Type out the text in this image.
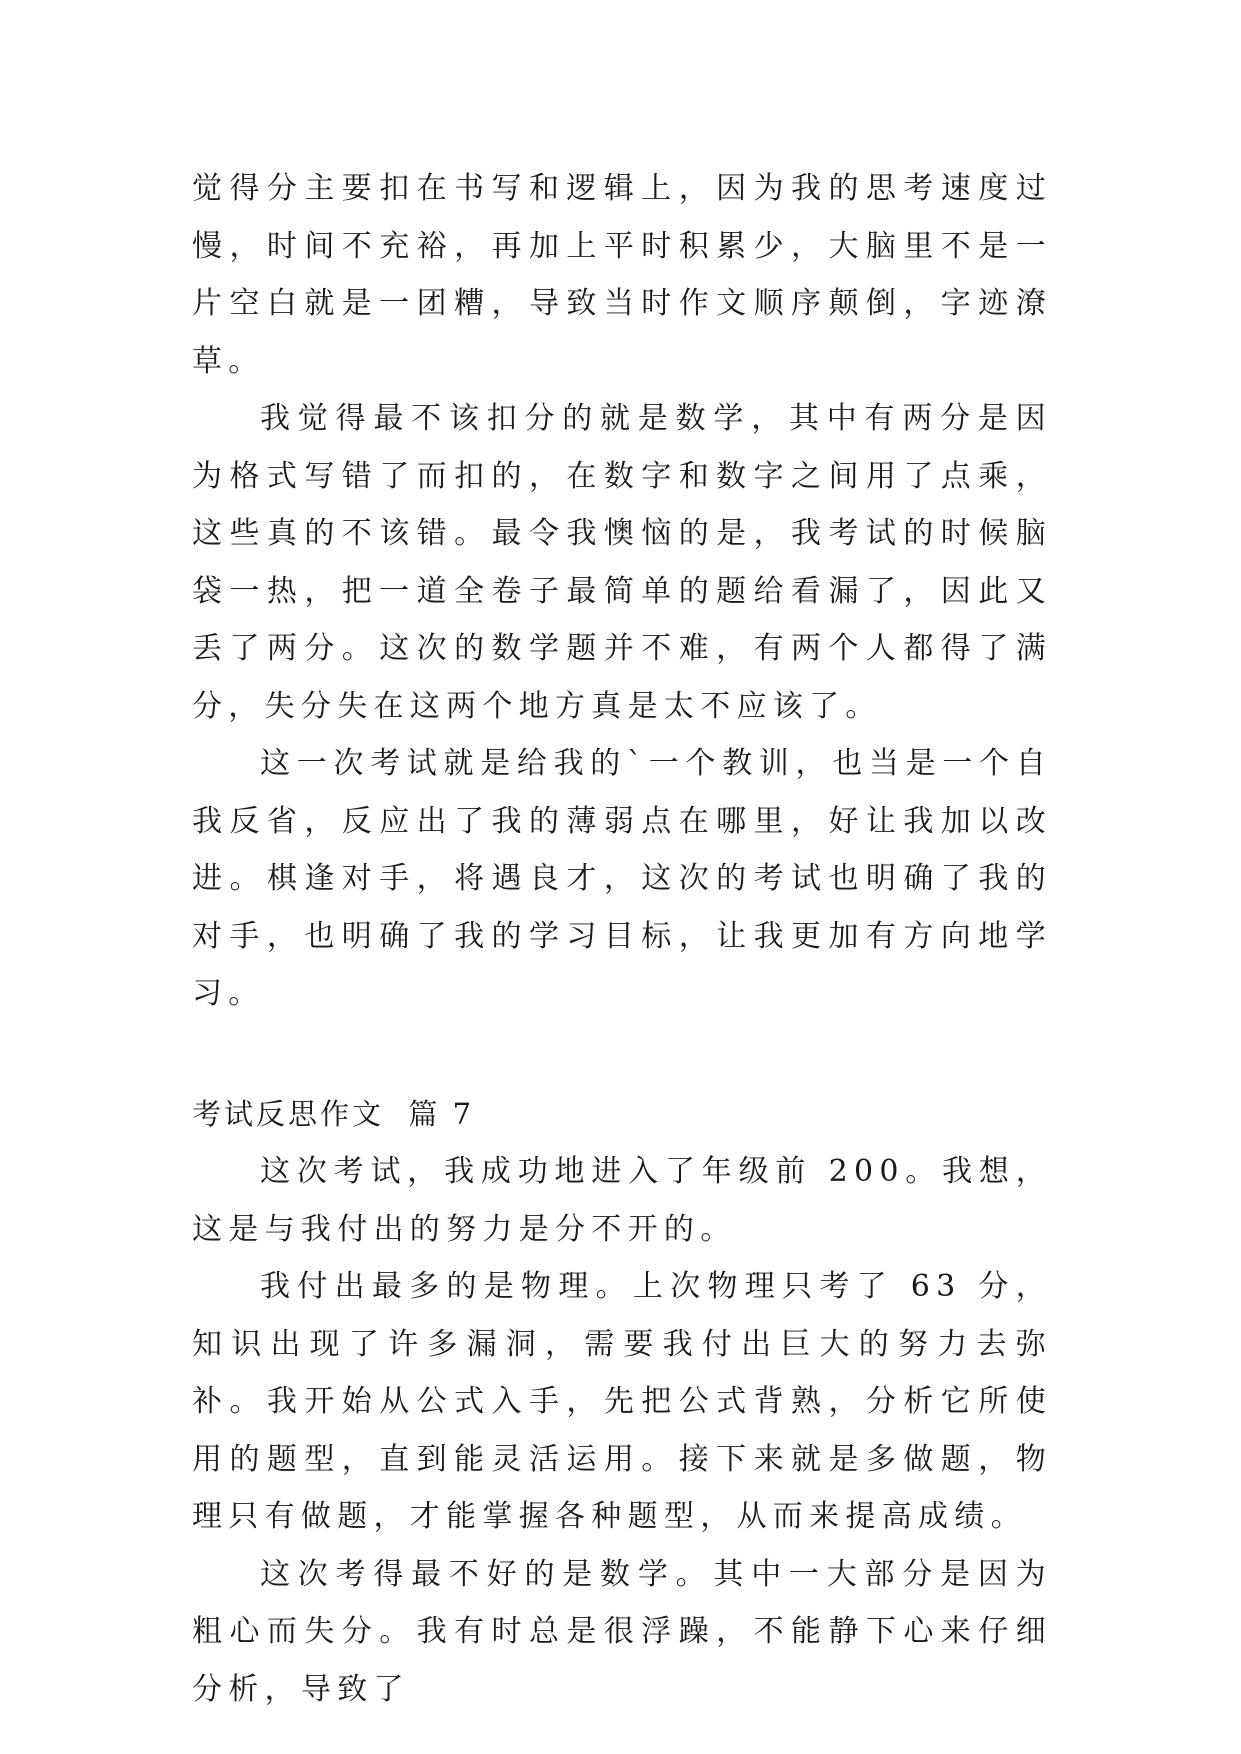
觉得分主要扣在书写和逻辑上，因为我的思考速度过慢，时间不充裕，再加上平时积累少，大脑里不是一片空白就是一团糟，导致当时作文顺序颠倒，字迹潦草。

我觉得最不该扣分的就是数学，其中有两分是因为格式写错了而扣的，在数字和数字之间用了点乘，这些真的不该错。最令我懊恼的是，我考试的时候脑袋一热，把一道全卷子最简单的题给看漏了，因此又丢了两分。这次的数学题并不难，有两个人都得了满分，失分失在这两个地方真是太不应该了。

这一次考试就是给我的`一个教训，也当是一个自我反省，反应出了我的薄弱点在哪里，好让我加以改进。棋逢对手，将遇良才，这次的考试也明确了我的对手，也明确了我的学习目标，让我更加有方向地学习。

考试反思作文  篇 7

这次考试，我成功地进入了年级前 200。我想，这是与我付出的努力是分不开的。

我付出最多的是物理。上次物理只考了 63 分，知识出现了许多漏洞，需要我付出巨大的努力去弥补。我开始从公式入手，先把公式背熟，分析它所使用的题型，直到能灵活运用。接下来就是多做题，物理只有做题，才能掌握各种题型，从而来提高成绩。

这次考得最不好的是数学。其中一大部分是因为粗心而失分。我有时总是很浮躁，不能静下心来仔细分析，导致了
